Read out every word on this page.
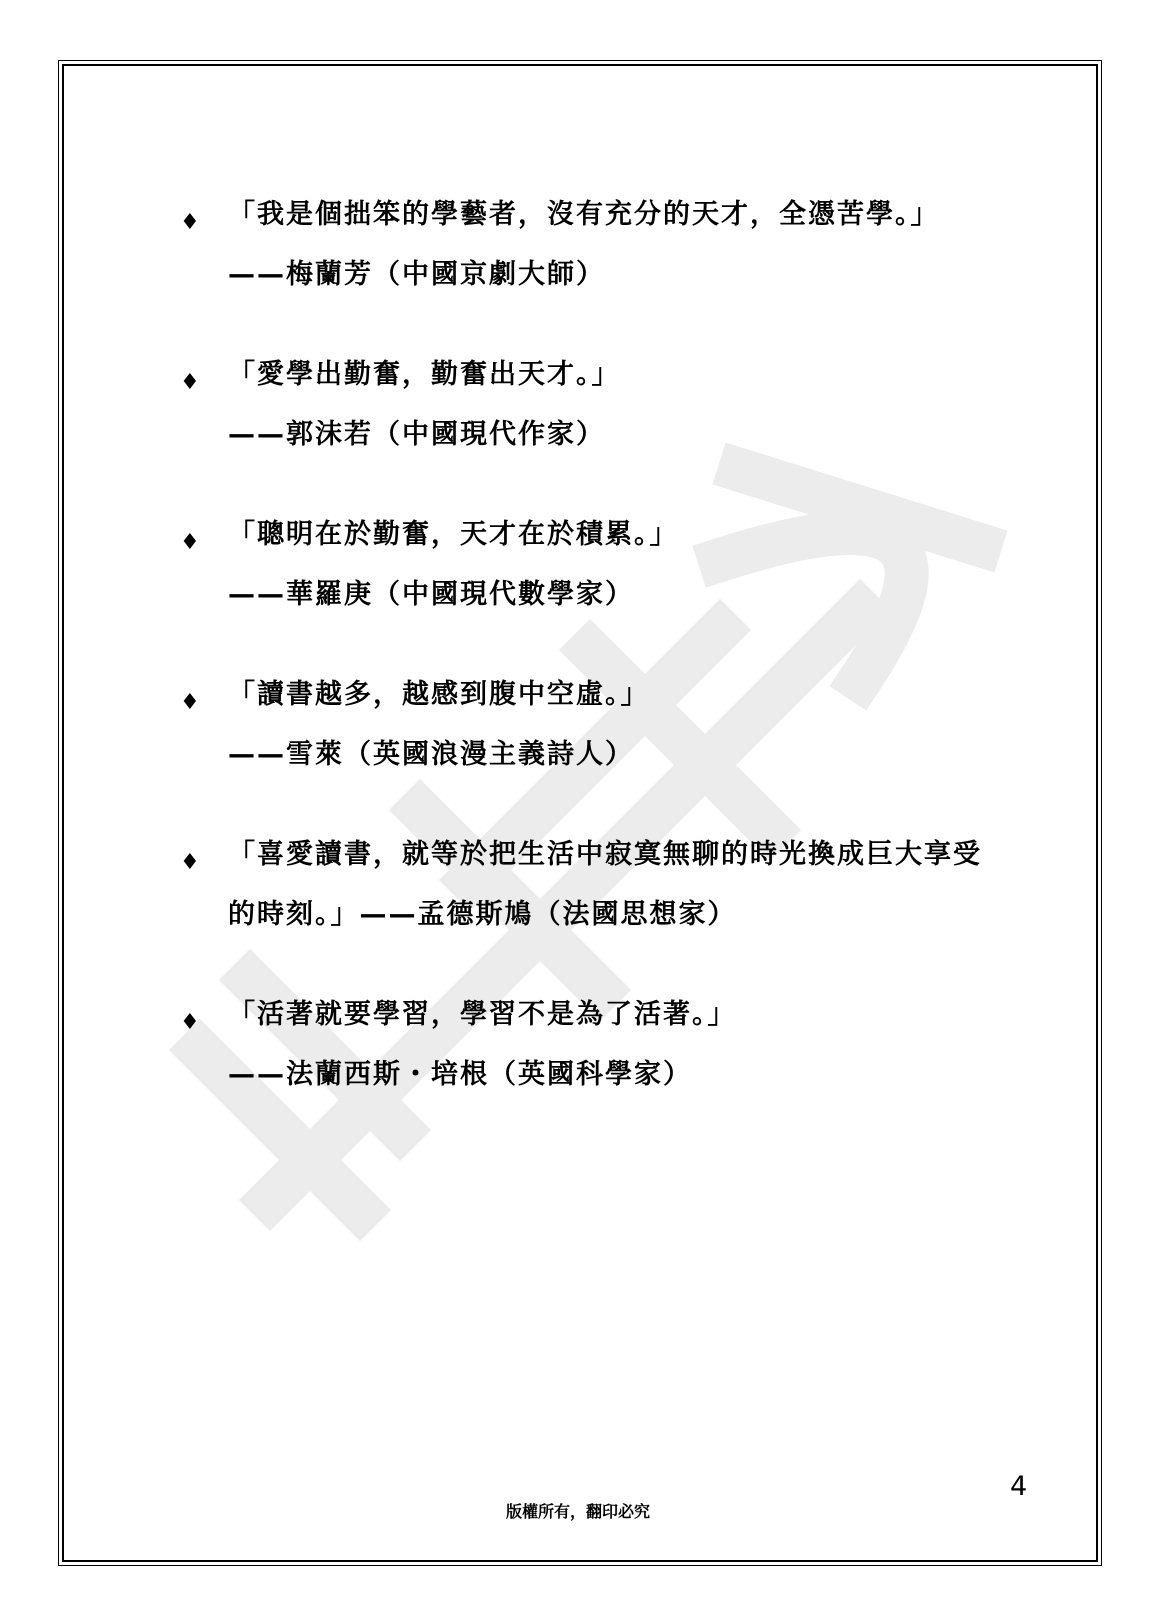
♦ 「我是個拙笨的學藝者，沒有充分的天才，全憑苦學。」
——梅蘭芳（中國京劇大師）
♦ 「愛學出勤奮，勤奮出天才。」
——郭沫若（中國現代作家）
♦ 「聰明在於勤奮，天才在於積累。」
——華羅庚（中國現代數學家）
♦ 「讀書越多，越感到腹中空虛。」
——雪萊（英國浪漫主義詩人）
♦ 「喜愛讀書，就等於把生活中寂寞無聊的時光換成巨大享受
的時刻。」——孟德斯鳩（法國思想家）
♦ 「活著就要學習，學習不是為了活著。」
——法蘭西斯・培根（英國科學家）
4
版權所有，翻印必究
